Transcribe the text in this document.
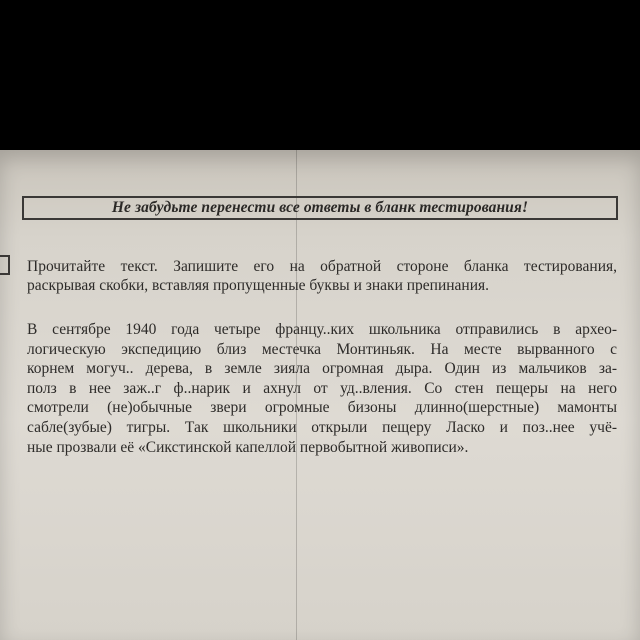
Не забудьте перенести все ответы в бланк тестирования!

Прочитайте текст. Запишите его на обратной стороне бланка тестирования,
раскрывая скобки, вставляя пропущенные буквы и знаки препинания.

В сентябре 1940 года четыре францу..ких школьника отправились в архео-
логическую экспедицию близ местечка Монтиньяк. На месте вырванного с
корнем могуч.. дерева, в земле зияла огромная дыра. Один из мальчиков за-
полз в нее заж..г ф..нарик и ахнул от уд..вления. Со стен пещеры на него
смотрели (не)обычные звери огромные бизоны длинно(шерстные) мамонты
сабле(зубые) тигры. Так школьники открыли пещеру Ласко и поз..нее учё-
ные прозвали её «Сикстинской капеллой первобытной живописи».
